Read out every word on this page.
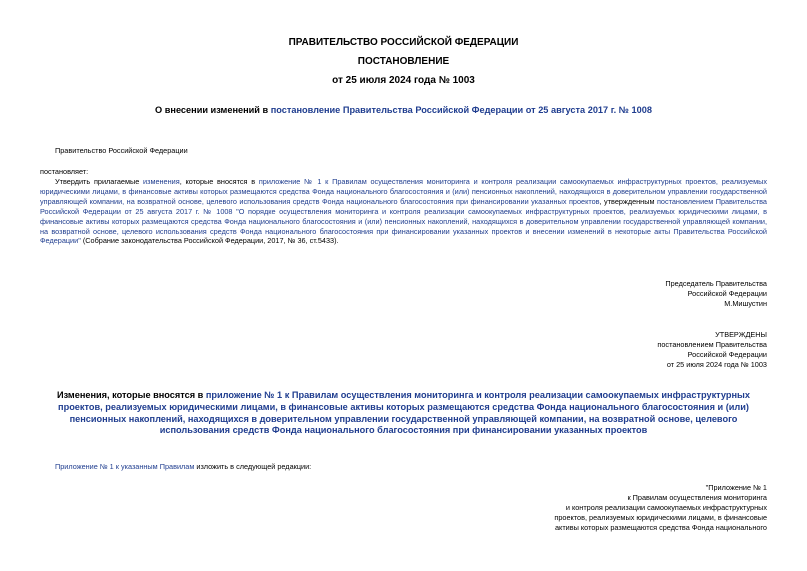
ПРАВИТЕЛЬСТВО РОССИЙСКОЙ ФЕДЕРАЦИИ
ПОСТАНОВЛЕНИЕ
от 25 июля 2024 года № 1003
О внесении изменений в постановление Правительства Российской Федерации от 25 августа 2017 г. № 1008
Правительство Российской Федерации
постановляет:
Утвердить прилагаемые изменения, которые вносятся в приложение № 1 к Правилам осуществления мониторинга и контроля реализации самоокупаемых инфраструктурных проектов, реализуемых юридическими лицами, в финансовые активы которых размещаются средства Фонда национального благосостояния и (или) пенсионных накоплений, находящихся в доверительном управлении государственной управляющей компании, на возвратной основе, целевого использования средств Фонда национального благосостояния при финансировании указанных проектов, утвержденным постановлением Правительства Российской Федерации от 25 августа 2017 г. № 1008 "О порядке осуществления мониторинга и контроля реализации самоокупаемых инфраструктурных проектов, реализуемых юридическими лицами, в финансовые активы которых размещаются средства Фонда национального благосостояния и (или) пенсионных накоплений, находящихся в доверительном управлении государственной управляющей компании, на возвратной основе, целевого использования средств Фонда национального благосостояния при финансировании указанных проектов и внесении изменений в некоторые акты Правительства Российской Федерации" (Собрание законодательства Российской Федерации, 2017, № 36, ст.5433).
Председатель Правительства
Российской Федерации
М.Мишустин
УТВЕРЖДЕНЫ
постановлением Правительства
Российской Федерации
от 25 июля 2024 года № 1003
Изменения, которые вносятся в приложение № 1 к Правилам осуществления мониторинга и контроля реализации самоокупаемых инфраструктурных проектов, реализуемых юридическими лицами, в финансовые активы которых размещаются средства Фонда национального благосостояния и (или) пенсионных накоплений, находящихся в доверительном управлении государственной управляющей компании, на возвратной основе, целевого использования средств Фонда национального благосостояния при финансировании указанных проектов
Приложение № 1 к указанным Правилам изложить в следующей редакции:
"Приложение № 1
к Правилам осуществления мониторинга
и контроля реализации самоокупаемых инфраструктурных
проектов, реализуемых юридическими лицами, в финансовые
активы которых размещаются средства Фонда национального
